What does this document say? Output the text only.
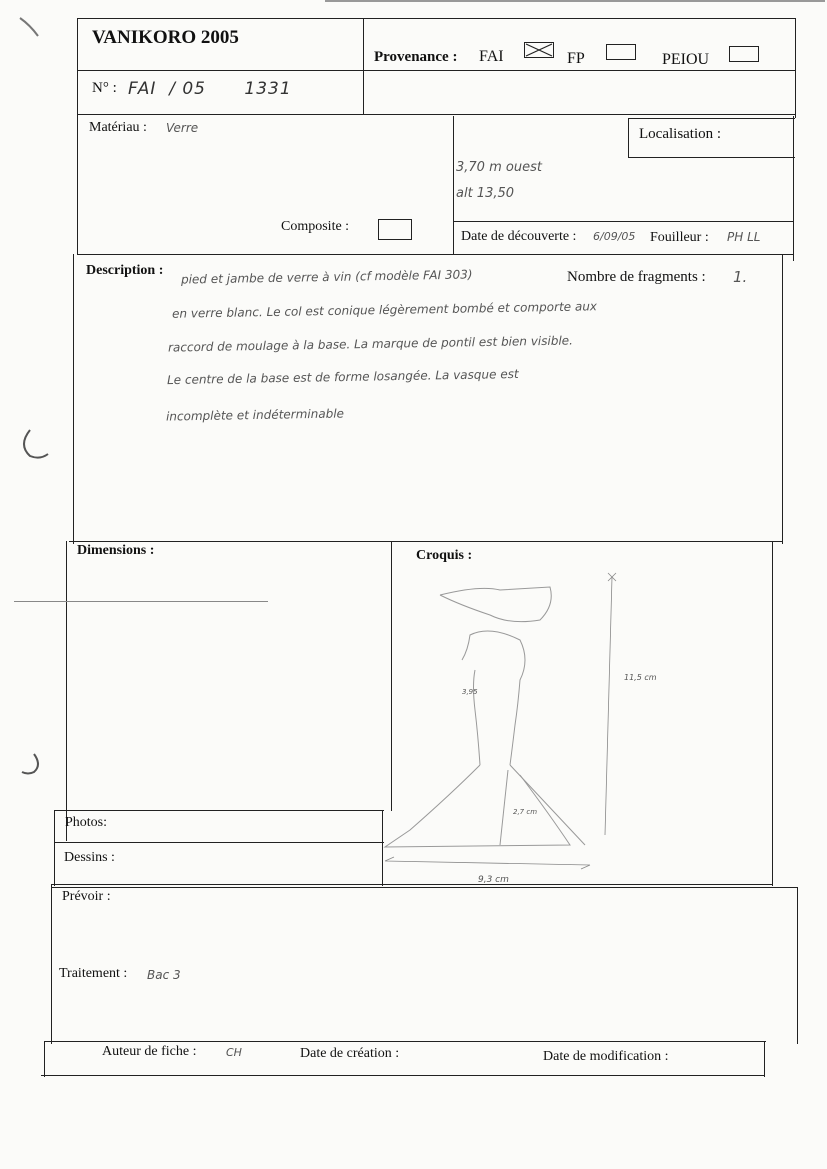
VANIKORO 2005
Provenance : FAI	FP	PEIOU
N° : FAI  / 05      1331
Matériau : Verre	Localisation :
3,70 m ouest
alt 13,50
Composite :
Date de découverte : 6/09/05 Fouilleur : PH LL
Description :	Nombre de fragments : 1.
pied et jambe de verre à vin (cf modèle FAI 303)
en verre blanc. Le col est conique légèrement bombé et comporte aux
raccord de moulage à la base. La marque de pontil est bien visible.
Le centre de la base est de forme losangée. La vasque est
incomplète et indéterminable
Dimensions :	Croquis :
11,5 cm
3,95
2,7 cm
9,3 cm
Photos:
Dessins :
Prévoir :
Traitement : Bac 3
Auteur de fiche :	CH	Date de création :	Date de modification :
